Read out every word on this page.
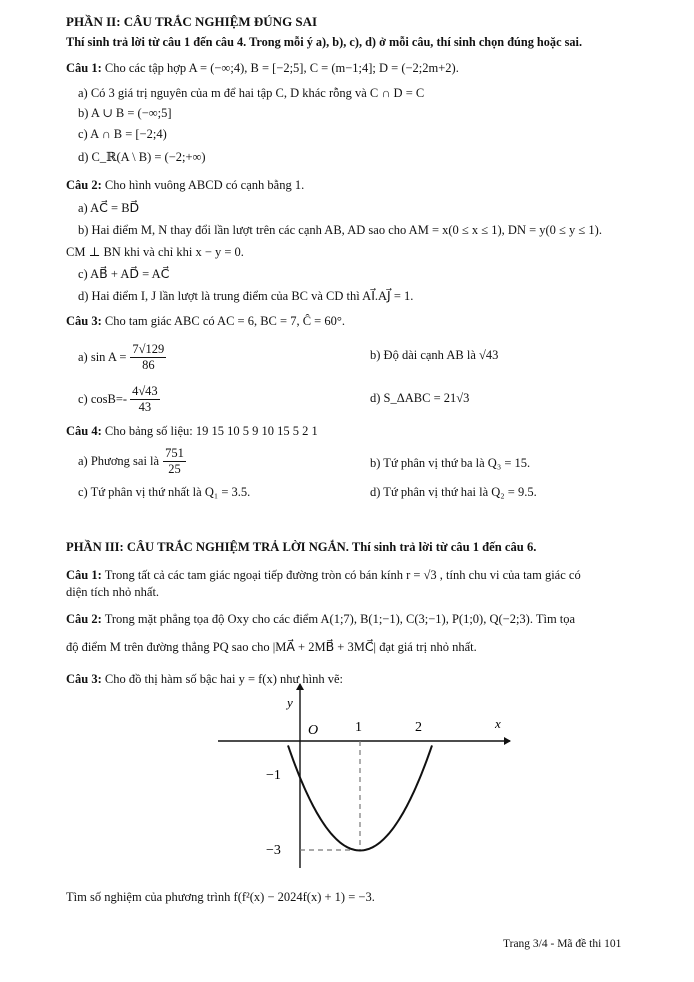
PHẦN II: CÂU TRẮC NGHIỆM ĐÚNG SAI
Thí sinh trả lời từ câu 1 đến câu 4. Trong mỗi ý a), b), c), d) ở mỗi câu, thí sinh chọn đúng hoặc sai.
Câu 1: Cho các tập hợp A = (−∞;4), B = [−2;5], C = (m−1;4]; D = (−2;2m+2).
a) Có 3 giá trị nguyên của m để hai tập C, D khác rỗng và C ∩ D = C
b) A ∪ B = (−∞;5]
c) A ∩ B = [−2;4)
d) C_ℝ(A \ B) = (−2;+∞)
Câu 2: Cho hình vuông ABCD có cạnh bằng 1.
a) AC⃗ = BD⃗
b) Hai điểm M, N thay đổi lần lượt trên các cạnh AB, AD sao cho AM = x(0 ≤ x ≤ 1), DN = y(0 ≤ y ≤ 1).
CM ⊥ BN khi và chỉ khi x − y = 0.
c) AB⃗ + AD⃗ = AC⃗
d) Hai điểm I, J lần lượt là trung điểm của BC và CD thì AI⃗.AJ⃗ = 1.
Câu 3: Cho tam giác ABC có AC = 6, BC = 7, Ĉ = 60°.
a) $\sin A = \frac{7√129}{86}$	b) Độ dài cạnh AB là √43
c) $\cos B=- \frac{4√43}{43}$	d) S_ΔABC = 21√3
Câu 4: Cho bảng số liệu: 19 15 10 5 9 10 15 5 2 1
a) Phương sai là $\frac{751}{25}$	b) Tứ phân vị thứ ba là Q₃ = 15.
c) Tứ phân vị thứ nhất là Q₁ = 3.5.	d) Tứ phân vị thứ hai là Q₂ = 9.5.
PHẦN III: CÂU TRẮC NGHIỆM TRẢ LỜI NGẮN. Thí sinh trả lời từ câu 1 đến câu 6.
Câu 1: Trong tất cả các tam giác ngoại tiếp đường tròn có bán kính r = √3 , tính chu vi của tam giác có
diện tích nhỏ nhất.
Câu 2: Trong mặt phẳng tọa độ Oxy cho các điểm A(1;7), B(1;−1), C(3;−1), P(1;0), Q(−2;3). Tìm tọa
độ điểm M trên đường thẳng PQ sao cho |MA⃗ + 2MB⃗ + 3MC⃗| đạt giá trị nhỏ nhất.
Câu 3: Cho đồ thị hàm số bậc hai y = f(x) như hình vẽ:
y
x
O	1	2
−1
−3
Tìm số nghiệm của phương trình f(f²(x) − 2024f(x) + 1) = −3.
Trang 3/4 - Mã đề thi 101
